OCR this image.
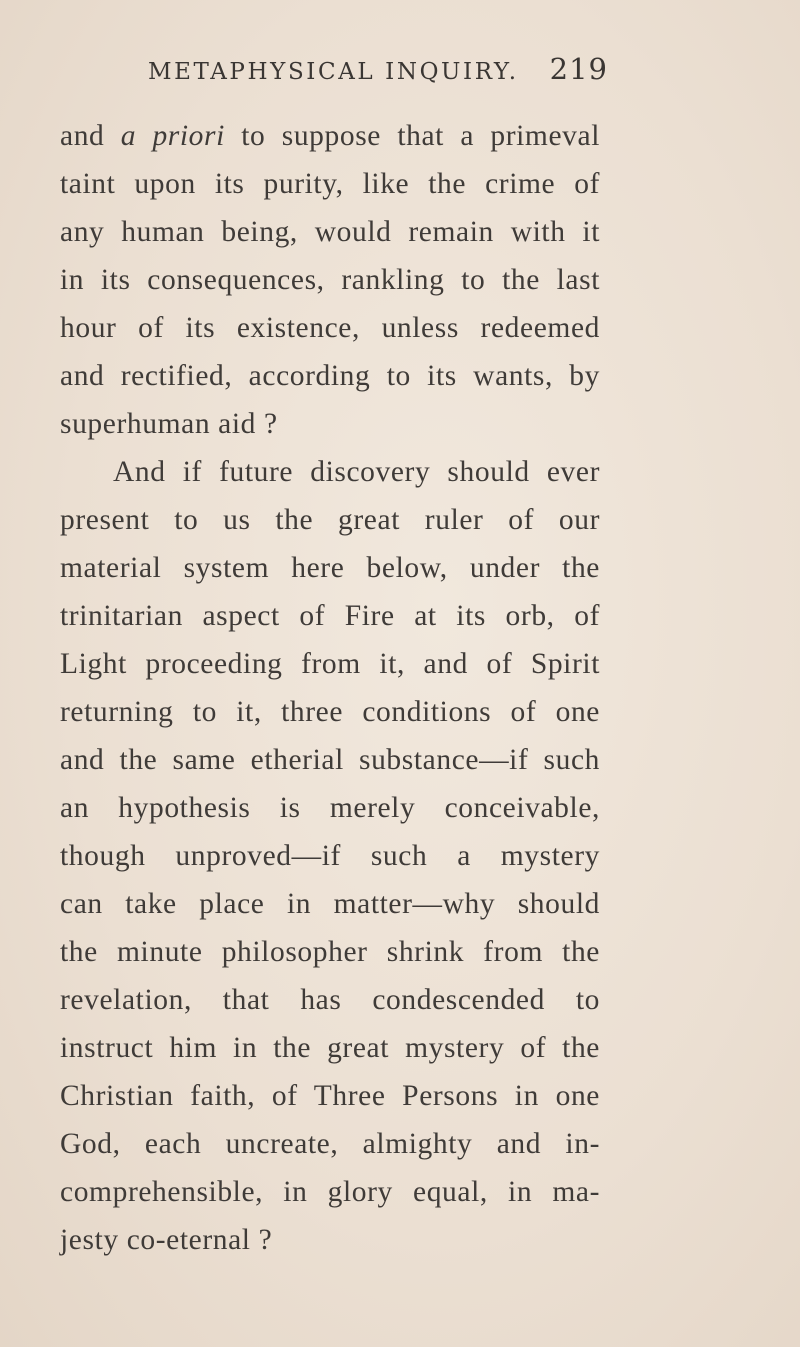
METAPHYSICAL INQUIRY. 219
and a priori to suppose that a primeval
taint upon its purity, like the crime of
any human being, would remain with it
in its consequences, rankling to the last
hour of its existence, unless redeemed
and rectified, according to its wants, by
superhuman aid ?
And if future discovery should ever
present to us the great ruler of our
material system here below, under the
trinitarian aspect of Fire at its orb, of
Light proceeding from it, and of Spirit
returning to it, three conditions of one
and the same etherial substance—if such
an hypothesis is merely conceivable,
though unproved—if such a mystery
can take place in matter—why should
the minute philosopher shrink from the
revelation, that has condescended to
instruct him in the great mystery of the
Christian faith, of Three Persons in one
God, each uncreate, almighty and in-
comprehensible, in glory equal, in ma-
jesty co-eternal ?
